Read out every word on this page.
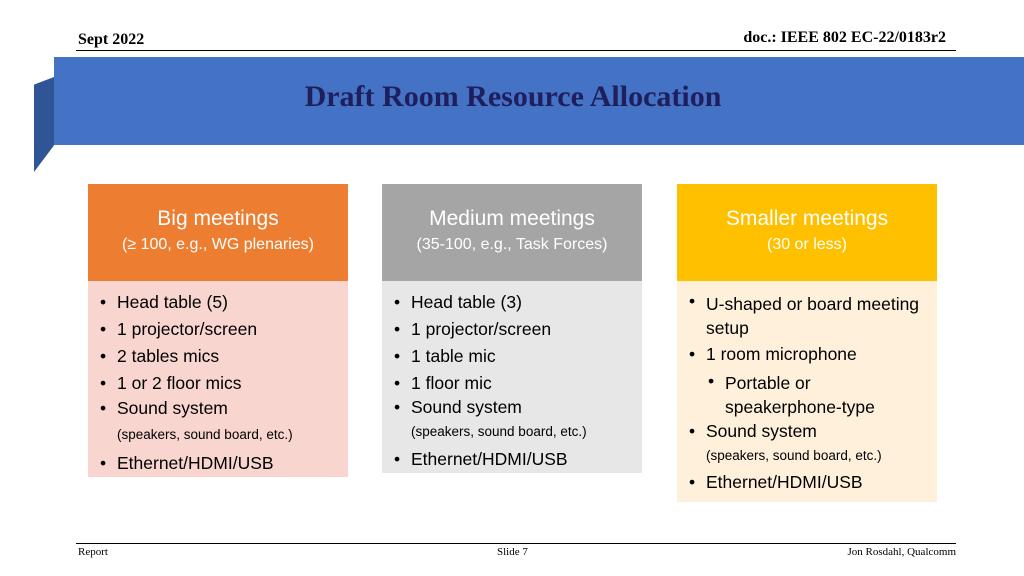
Sept 2022	doc.: IEEE 802 EC-22/0183r2
Draft Room Resource Allocation
Big meetings
(≥ 100, e.g., WG plenaries)
• Head table (5)
• 1 projector/screen
• 2 tables mics
• 1 or 2 floor mics
• Sound system
(speakers, sound board, etc.)
• Ethernet/HDMI/USB
Medium meetings
(35-100, e.g., Task Forces)
• Head table (3)
• 1 projector/screen
• 1 table mic
• 1 floor mic
• Sound system
(speakers, sound board, etc.)
• Ethernet/HDMI/USB
Smaller meetings
(30 or less)
• U-shaped or board meeting setup
• 1 room microphone
• Portable or speakerphone-type
• Sound system
(speakers, sound board, etc.)
• Ethernet/HDMI/USB
Report	Slide 7	Jon Rosdahl, Qualcomm
